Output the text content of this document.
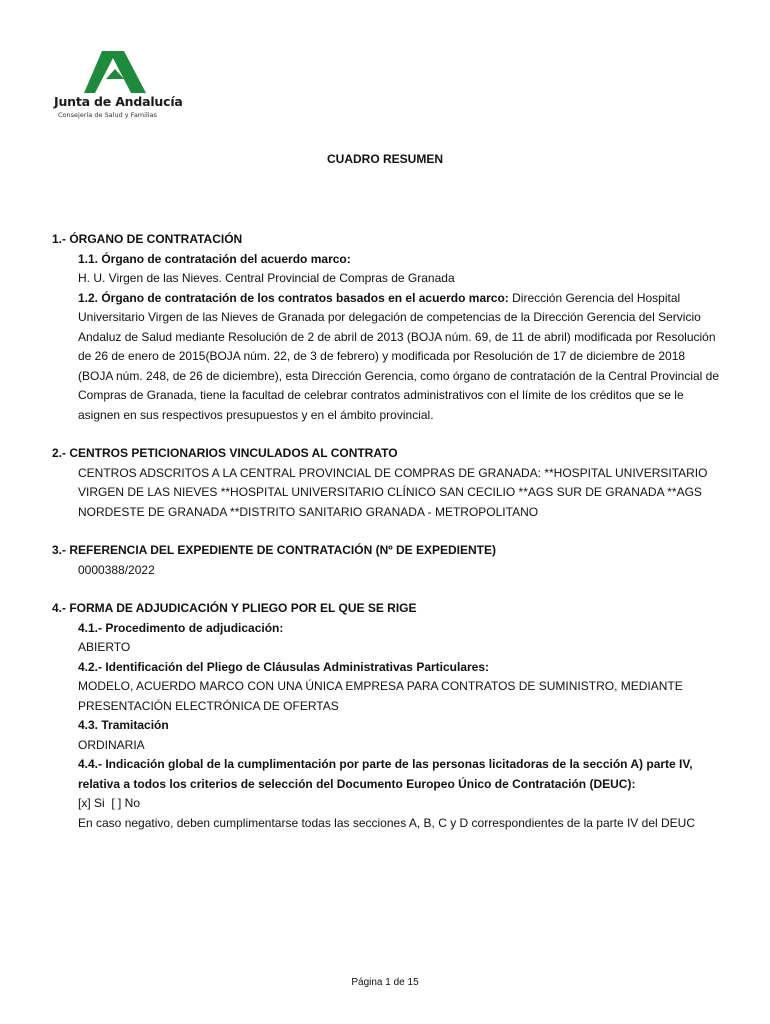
Junta de Andalucía
Consejería de Salud y Familias
CUADRO RESUMEN
1.- ÓRGANO DE CONTRATACIÓN
1.1. Órgano de contratación del acuerdo marco:
H. U. Virgen de las Nieves. Central Provincial de Compras de Granada
1.2. Órgano de contratación de los contratos basados en el acuerdo marco: Dirección Gerencia del Hospital Universitario Virgen de las Nieves de Granada por delegación de competencias de la Dirección Gerencia del Servicio Andaluz de Salud mediante Resolución de 2 de abril de 2013 (BOJA núm. 69, de 11 de abril) modificada por Resolución de 26 de enero de 2015(BOJA núm. 22, de 3 de febrero) y modificada por Resolución de 17 de diciembre de 2018 (BOJA núm. 248, de 26 de diciembre), esta Dirección Gerencia, como órgano de contratación de la Central Provincial de Compras de Granada, tiene la facultad de celebrar contratos administrativos con el límite de los créditos que se le asignen en sus respectivos presupuestos y en el ámbito provincial.
2.- CENTROS PETICIONARIOS VINCULADOS AL CONTRATO
CENTROS ADSCRITOS A LA CENTRAL PROVINCIAL DE COMPRAS DE GRANADA: **HOSPITAL UNIVERSITARIO VIRGEN DE LAS NIEVES **HOSPITAL UNIVERSITARIO CLÍNICO SAN CECILIO **AGS SUR DE GRANADA **AGS NORDESTE DE GRANADA **DISTRITO SANITARIO GRANADA - METROPOLITANO
3.- REFERENCIA DEL EXPEDIENTE DE CONTRATACIÓN (Nº DE EXPEDIENTE)
0000388/2022
4.- FORMA DE ADJUDICACIÓN Y PLIEGO POR EL QUE SE RIGE
4.1.- Procedimento de adjudicación:
ABIERTO
4.2.- Identificación del Pliego de Cláusulas Administrativas Particulares:
MODELO, ACUERDO MARCO CON UNA ÚNICA EMPRESA PARA CONTRATOS DE SUMINISTRO, MEDIANTE PRESENTACIÓN ELECTRÓNICA DE OFERTAS
4.3. Tramitación
ORDINARIA
4.4.- Indicación global de la cumplimentación por parte de las personas licitadoras de la sección A) parte IV, relativa a todos los criterios de selección del Documento Europeo Único de Contratación (DEUC):
[x] Si  [ ] No
En caso negativo, deben cumplimentarse todas las secciones A, B, C y D correspondientes de la parte IV del DEUC
Página 1 de 15
